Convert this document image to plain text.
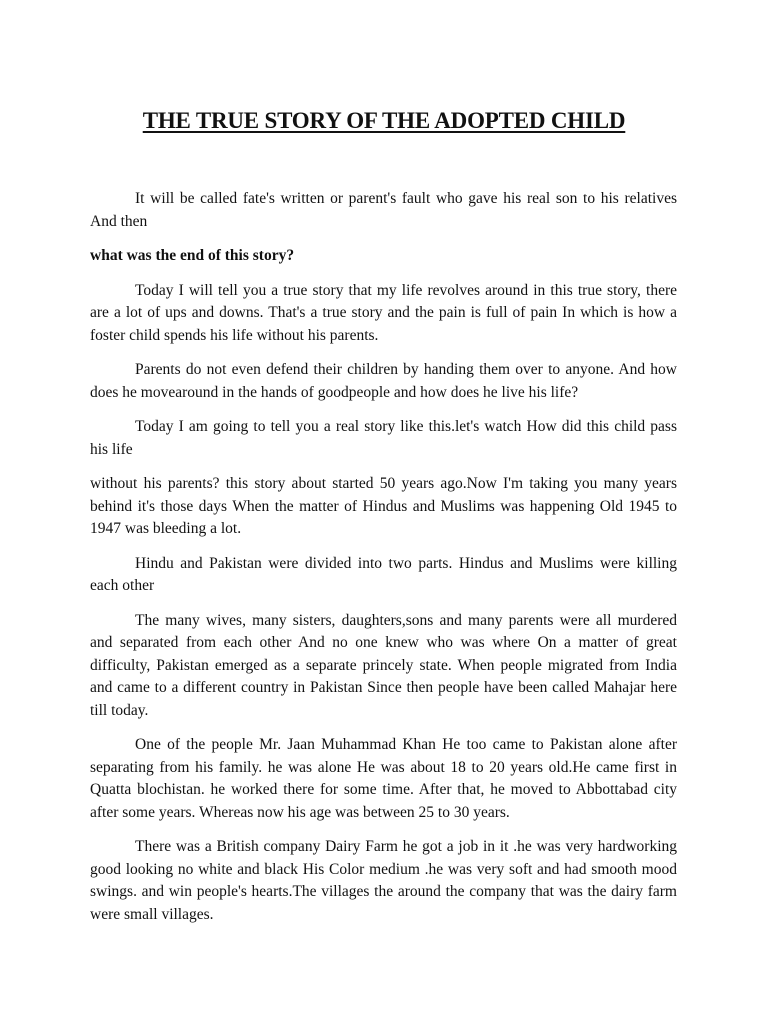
THE TRUE STORY OF THE ADOPTED CHILD

It will be called fate's written or parent's fault who gave his real son to his relatives And then

what was the end of this story?

Today I will tell you a true story that my life revolves around in this true story, there are a lot of ups and downs. That's a true story and the pain is full of pain In which is how a foster child spends his life without his parents.

Parents do not even defend their children by handing them over to anyone. And how does he movearound in the hands of goodpeople and how does he live his life?

Today I am going to tell you a real story like this.let's watch How did this child pass his life

without his parents? this story about started 50 years ago.Now I'm taking you many years behind it's those days When the matter of Hindus and Muslims was happening Old 1945 to 1947 was bleeding a lot.

Hindu and Pakistan were divided into two parts. Hindus and Muslims were killing each other

The many wives, many sisters, daughters,sons and many parents were all murdered and separated from each other And no one knew who was where On a matter of great difficulty, Pakistan emerged as a separate princely state. When people migrated from India and came to a different country in Pakistan Since then people have been called Mahajar here till today.

One of the people Mr. Jaan Muhammad Khan He too came to Pakistan alone after separating from his family. he was alone He was about 18 to 20 years old.He came first in Quatta blochistan. he worked there for some time. After that, he moved to Abbottabad city after some years. Whereas now his age was between 25 to 30 years.

There was a British company Dairy Farm he got a job in it .he was very hardworking good looking no white and black His Color medium .he was very soft and had smooth mood swings. and win people's hearts.The villages the around the company that was the dairy farm were small villages.
